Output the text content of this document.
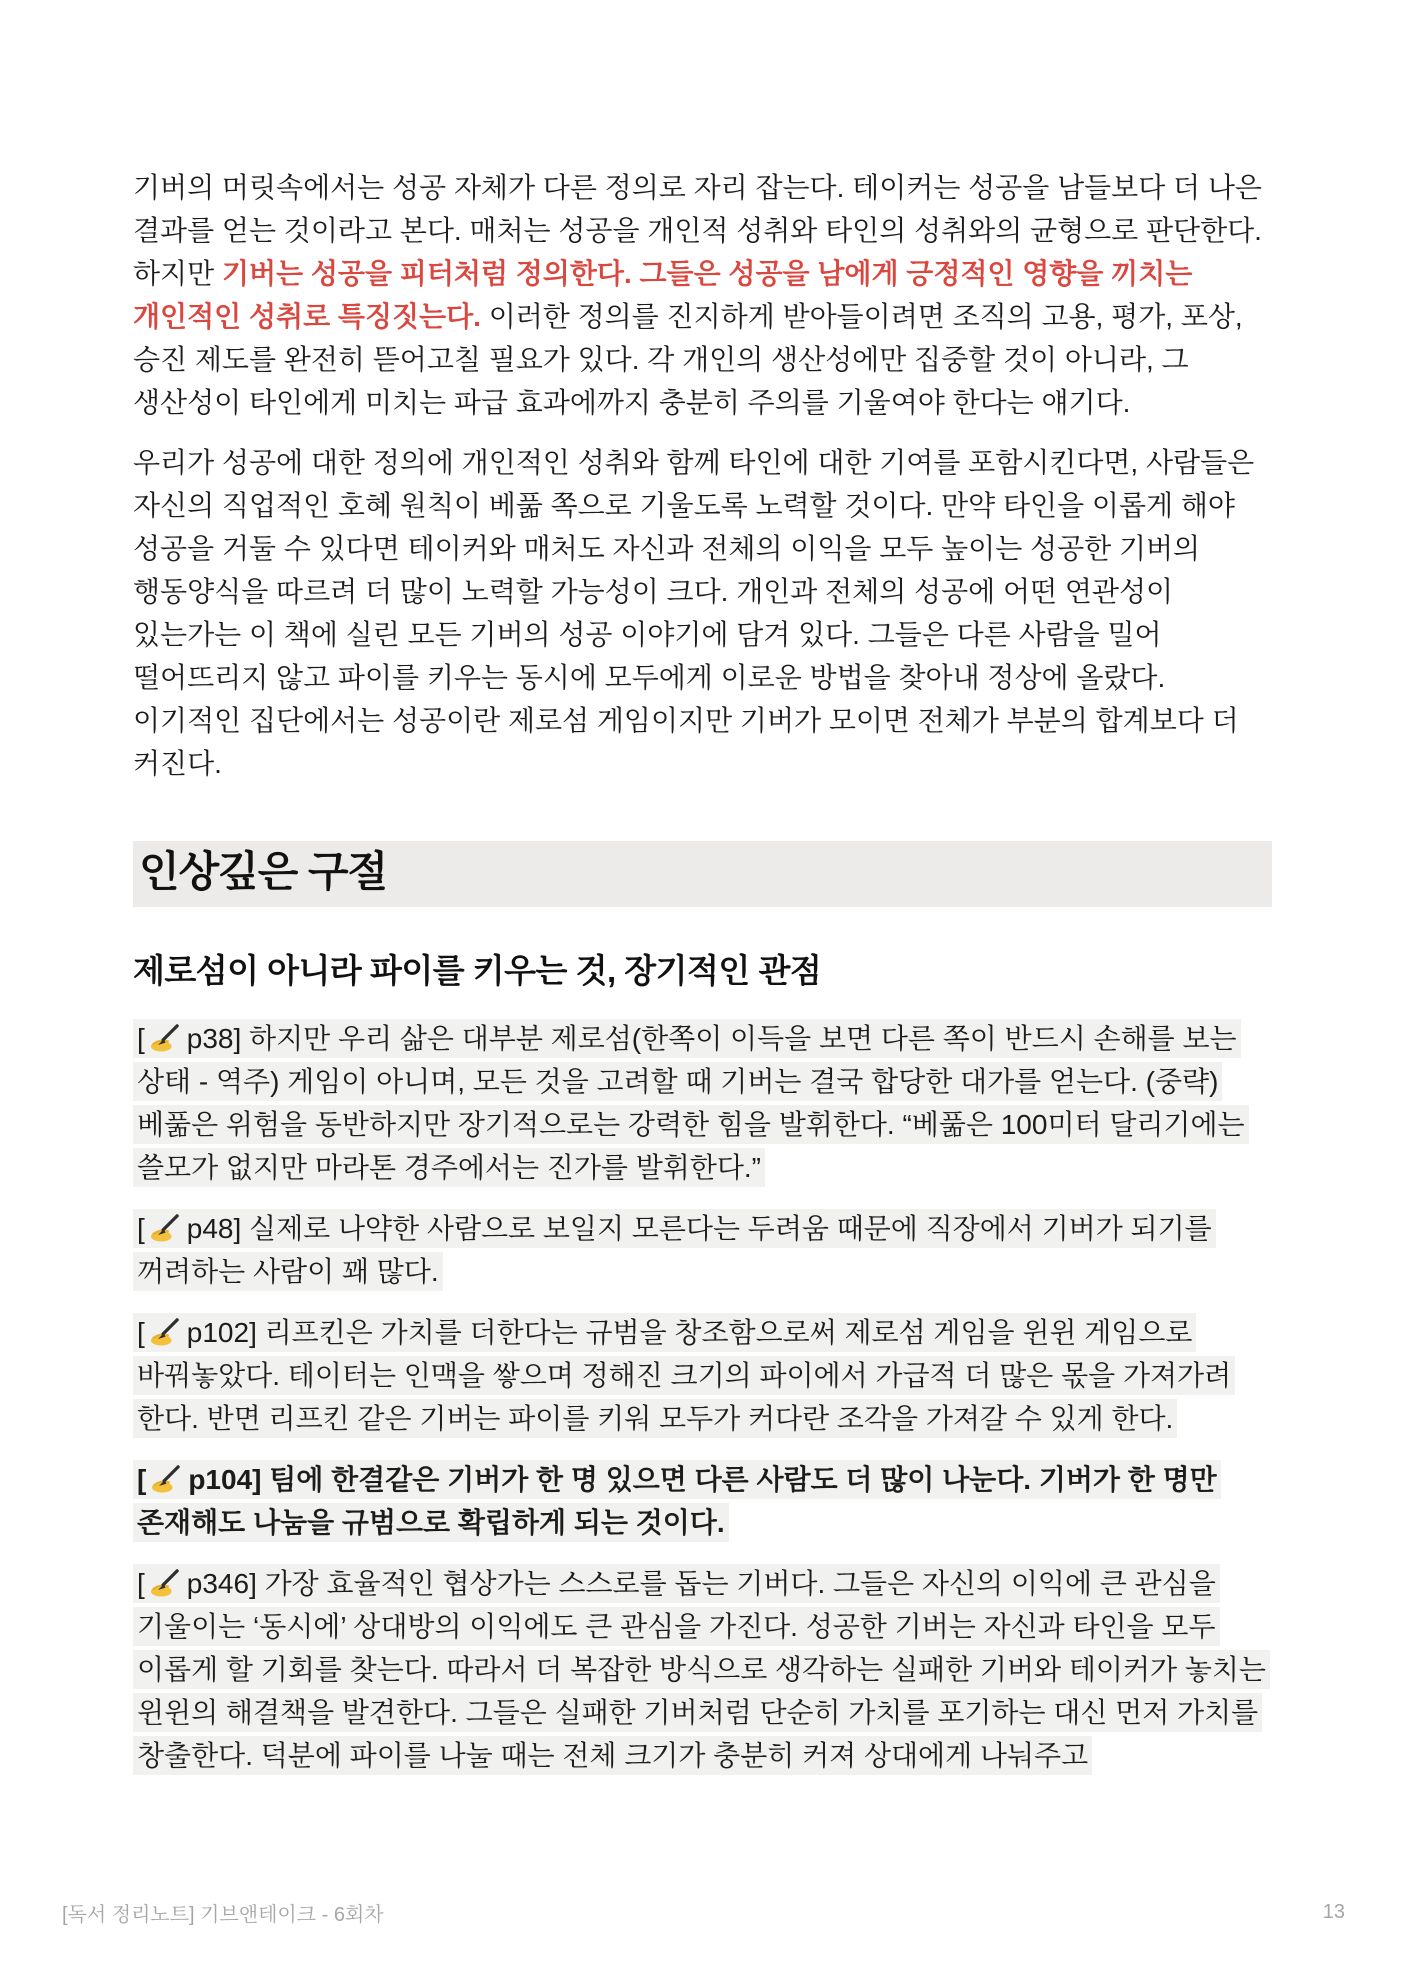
기버의 머릿속에서는 성공 자체가 다른 정의로 자리 잡는다. 테이커는 성공을 남들보다 더 나은 결과를 얻는 것이라고 본다. 매처는 성공을 개인적 성취와 타인의 성취와의 균형으로 판단한다. 하지만 기버는 성공을 피터처럼 정의한다. 그들은 성공을 남에게 긍정적인 영향을 끼치는 개인적인 성취로 특징짓는다. 이러한 정의를 진지하게 받아들이려면 조직의 고용, 평가, 포상, 승진 제도를 완전히 뜯어고칠 필요가 있다. 각 개인의 생산성에만 집중할 것이 아니라, 그 생산성이 타인에게 미치는 파급 효과에까지 충분히 주의를 기울여야 한다는 얘기다.

우리가 성공에 대한 정의에 개인적인 성취와 함께 타인에 대한 기여를 포함시킨다면, 사람들은 자신의 직업적인 호혜 원칙이 베풂 쪽으로 기울도록 노력할 것이다. 만약 타인을 이롭게 해야 성공을 거둘 수 있다면 테이커와 매처도 자신과 전체의 이익을 모두 높이는 성공한 기버의 행동양식을 따르려 더 많이 노력할 가능성이 크다. 개인과 전체의 성공에 어떤 연관성이 있는가는 이 책에 실린 모든 기버의 성공 이야기에 담겨 있다. 그들은 다른 사람을 밀어 떨어뜨리지 않고 파이를 키우는 동시에 모두에게 이로운 방법을 찾아내 정상에 올랐다. 이기적인 집단에서는 성공이란 제로섬 게임이지만 기버가 모이면 전체가 부분의 합계보다 더 커진다.

인상깊은 구절
제로섬이 아니라 파이를 키우는 것, 장기적인 관점

[ p38] 하지만 우리 삶은 대부분 제로섬(한쪽이 이득을 보면 다른 쪽이 반드시 손해를 보는 상태 - 역주) 게임이 아니며, 모든 것을 고려할 때 기버는 결국 합당한 대가를 얻는다. (중략) 베풂은 위험을 동반하지만 장기적으로는 강력한 힘을 발휘한다. “베풂은 100미터 달리기에는 쓸모가 없지만 마라톤 경주에서는 진가를 발휘한다.”

[ p48] 실제로 나약한 사람으로 보일지 모른다는 두려움 때문에 직장에서 기버가 되기를 꺼려하는 사람이 꽤 많다.

[ p102] 리프킨은 가치를 더한다는 규범을 창조함으로써 제로섬 게임을 윈윈 게임으로 바꿔놓았다. 테이터는 인맥을 쌓으며 정해진 크기의 파이에서 가급적 더 많은 몫을 가져가려 한다. 반면 리프킨 같은 기버는 파이를 키워 모두가 커다란 조각을 가져갈 수 있게 한다.

[ p104] 팀에 한결같은 기버가 한 명 있으면 다른 사람도 더 많이 나눈다. 기버가 한 명만 존재해도 나눔을 규범으로 확립하게 되는 것이다.

[ p346] 가장 효율적인 협상가는 스스로를 돕는 기버다. 그들은 자신의 이익에 큰 관심을 기울이는 ‘동시에’ 상대방의 이익에도 큰 관심을 가진다. 성공한 기버는 자신과 타인을 모두 이롭게 할 기회를 찾는다. 따라서 더 복잡한 방식으로 생각하는 실패한 기버와 테이커가 놓치는 윈윈의 해결책을 발견한다. 그들은 실패한 기버처럼 단순히 가치를 포기하는 대신 먼저 가치를 창출한다. 덕분에 파이를 나눌 때는 전체 크기가 충분히 커져 상대에게 나눠주고

[독서 정리노트] 기브앤테이크 - 6회차	13
